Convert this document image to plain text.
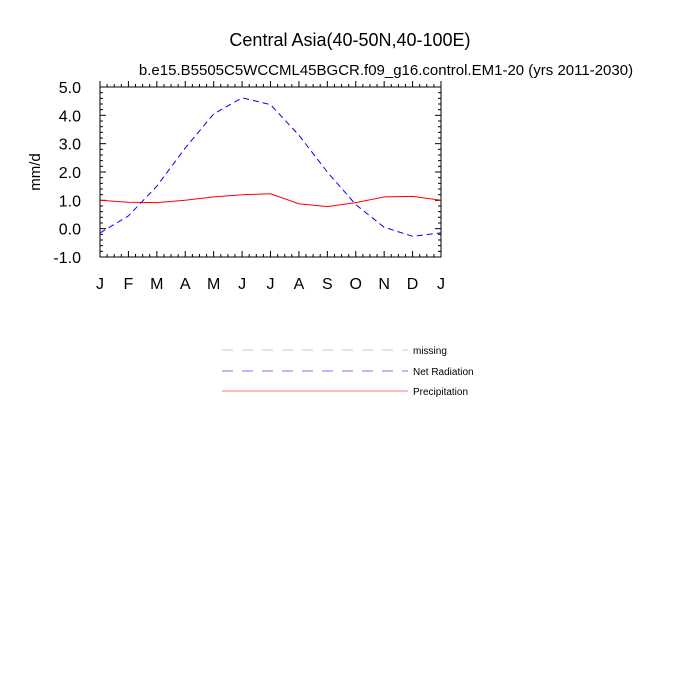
Central Asia(40-50N,40-100E)
b.e15.B5505C5WCCML45BGCR.f09_g16.control.EM1-20 (yrs 2011-2030)
mm/d
J F M A M J J A S O N D J
5.0
4.0
3.0
2.0
1.0
0.0
-1.0
missing
Net Radiation
Precipitation
